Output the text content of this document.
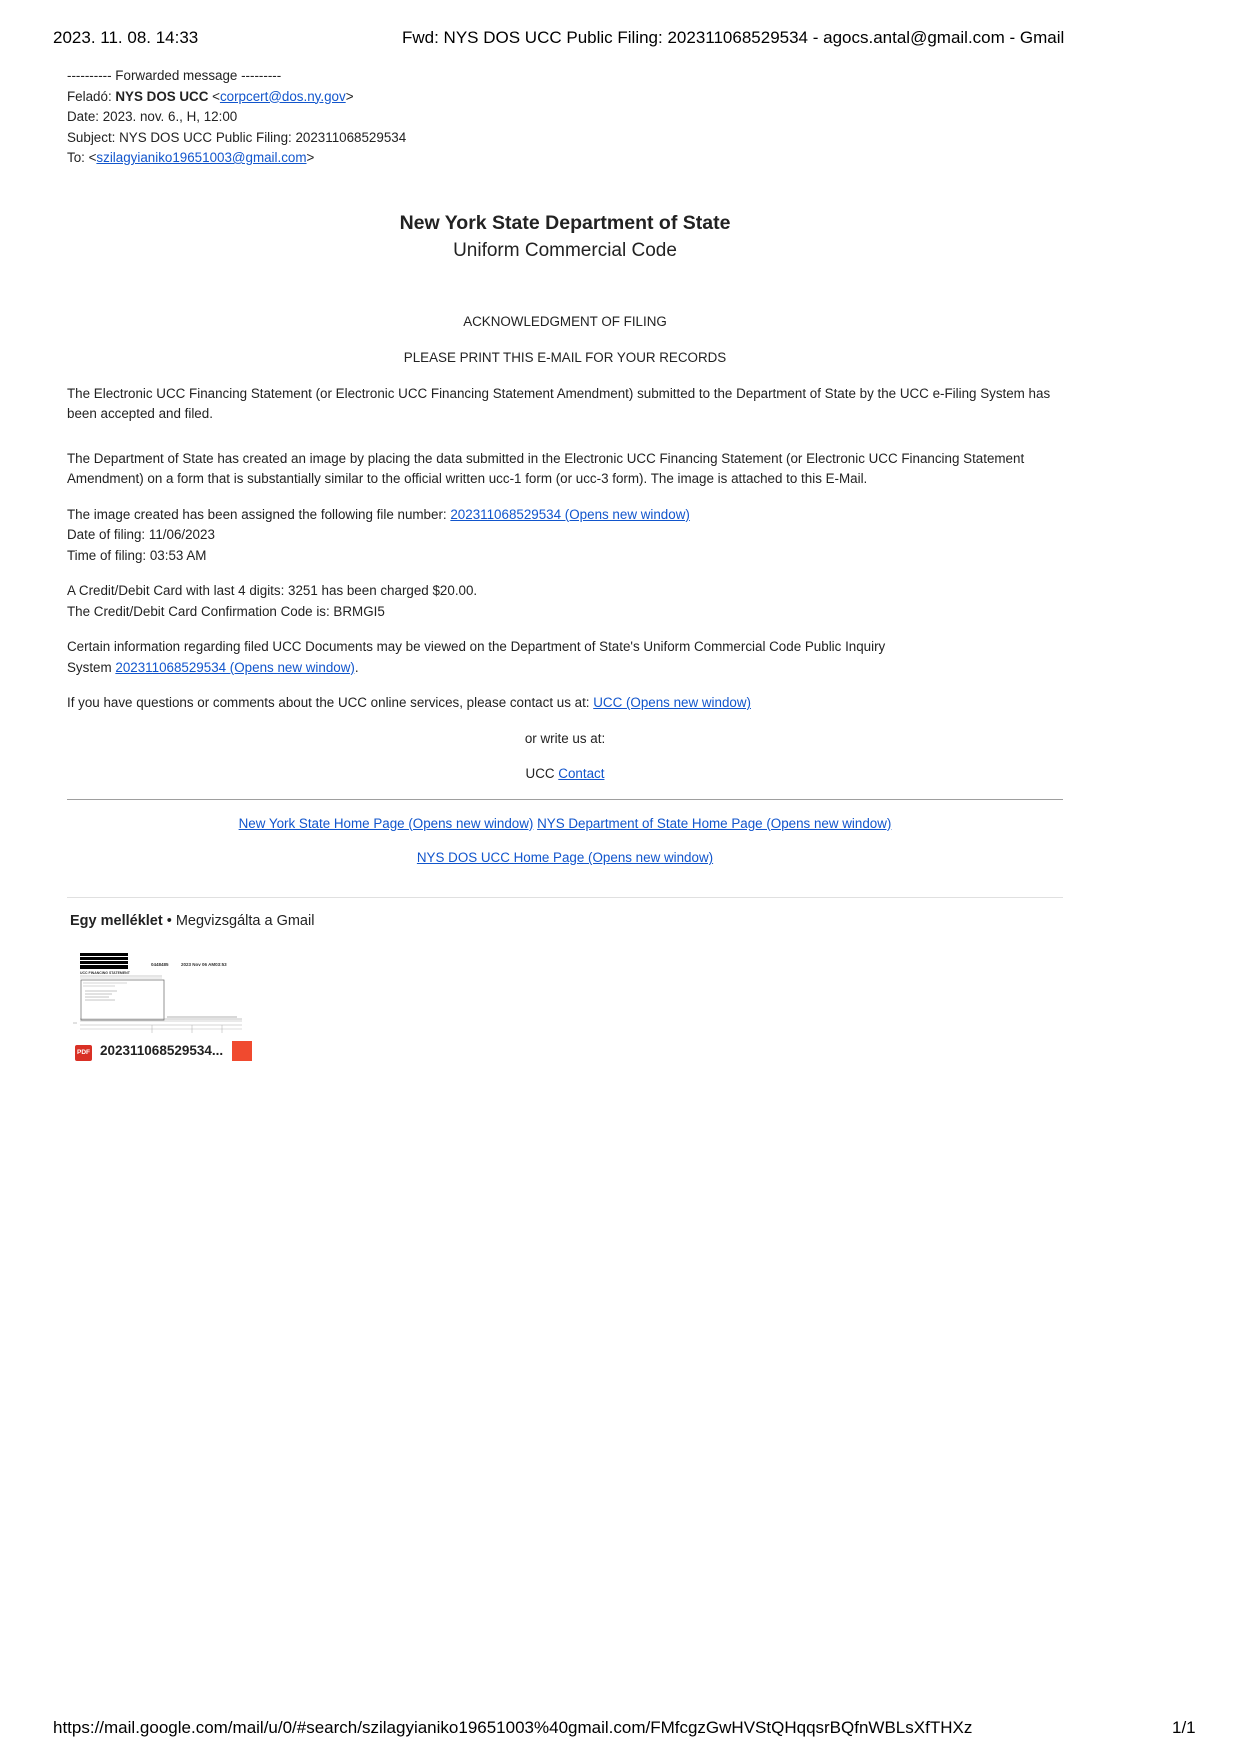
2023. 11. 08. 14:33	Fwd: NYS DOS UCC Public Filing: 202311068529534 - agocs.antal@gmail.com - Gmail
---------- Forwarded message ---------
Feladó: NYS DOS UCC <corpcert@dos.ny.gov>
Date: 2023. nov. 6., H, 12:00
Subject: NYS DOS UCC Public Filing: 202311068529534
To: <szilagyianiko19651003@gmail.com>
New York State Department of State
Uniform Commercial Code
ACKNOWLEDGMENT OF FILING
PLEASE PRINT THIS E-MAIL FOR YOUR RECORDS

The Electronic UCC Financing Statement (or Electronic UCC Financing Statement Amendment) submitted to the Department of State by the UCC e-Filing System has been accepted and filed.

The Department of State has created an image by placing the data submitted in the Electronic UCC Financing Statement (or Electronic UCC Financing Statement Amendment) on a form that is substantially similar to the official written ucc-1 form (or ucc-3 form). The image is attached to this E-Mail.

The image created has been assigned the following file number: 202311068529534 (Opens new window)
Date of filing: 11/06/2023
Time of filing: 03:53 AM
A Credit/Debit Card with last 4 digits: 3251 has been charged $20.00.
The Credit/Debit Card Confirmation Code is: BRMGI5
Certain information regarding filed UCC Documents may be viewed on the Department of State's Uniform Commercial Code Public Inquiry
System 202311068529534 (Opens new window).
If you have questions or comments about the UCC online services, please contact us at: UCC (Opens new window)
or write us at:
UCC Contact
New York State Home Page (Opens new window) NYS Department of State Home Page (Opens new window)
NYS DOS UCC Home Page (Opens new window)
Egy melléklet • Megvizsgálta a Gmail
0448485	2023 Nov 06 AM03:53
UCC FINANCING STATEMENT
PDF 202311068529534...
https://mail.google.com/mail/u/0/#search/szilagyianiko19651003%40gmail.com/FMfcgzGwHVStQHqqsrBQfnWBLsXfTHXz	1/1
